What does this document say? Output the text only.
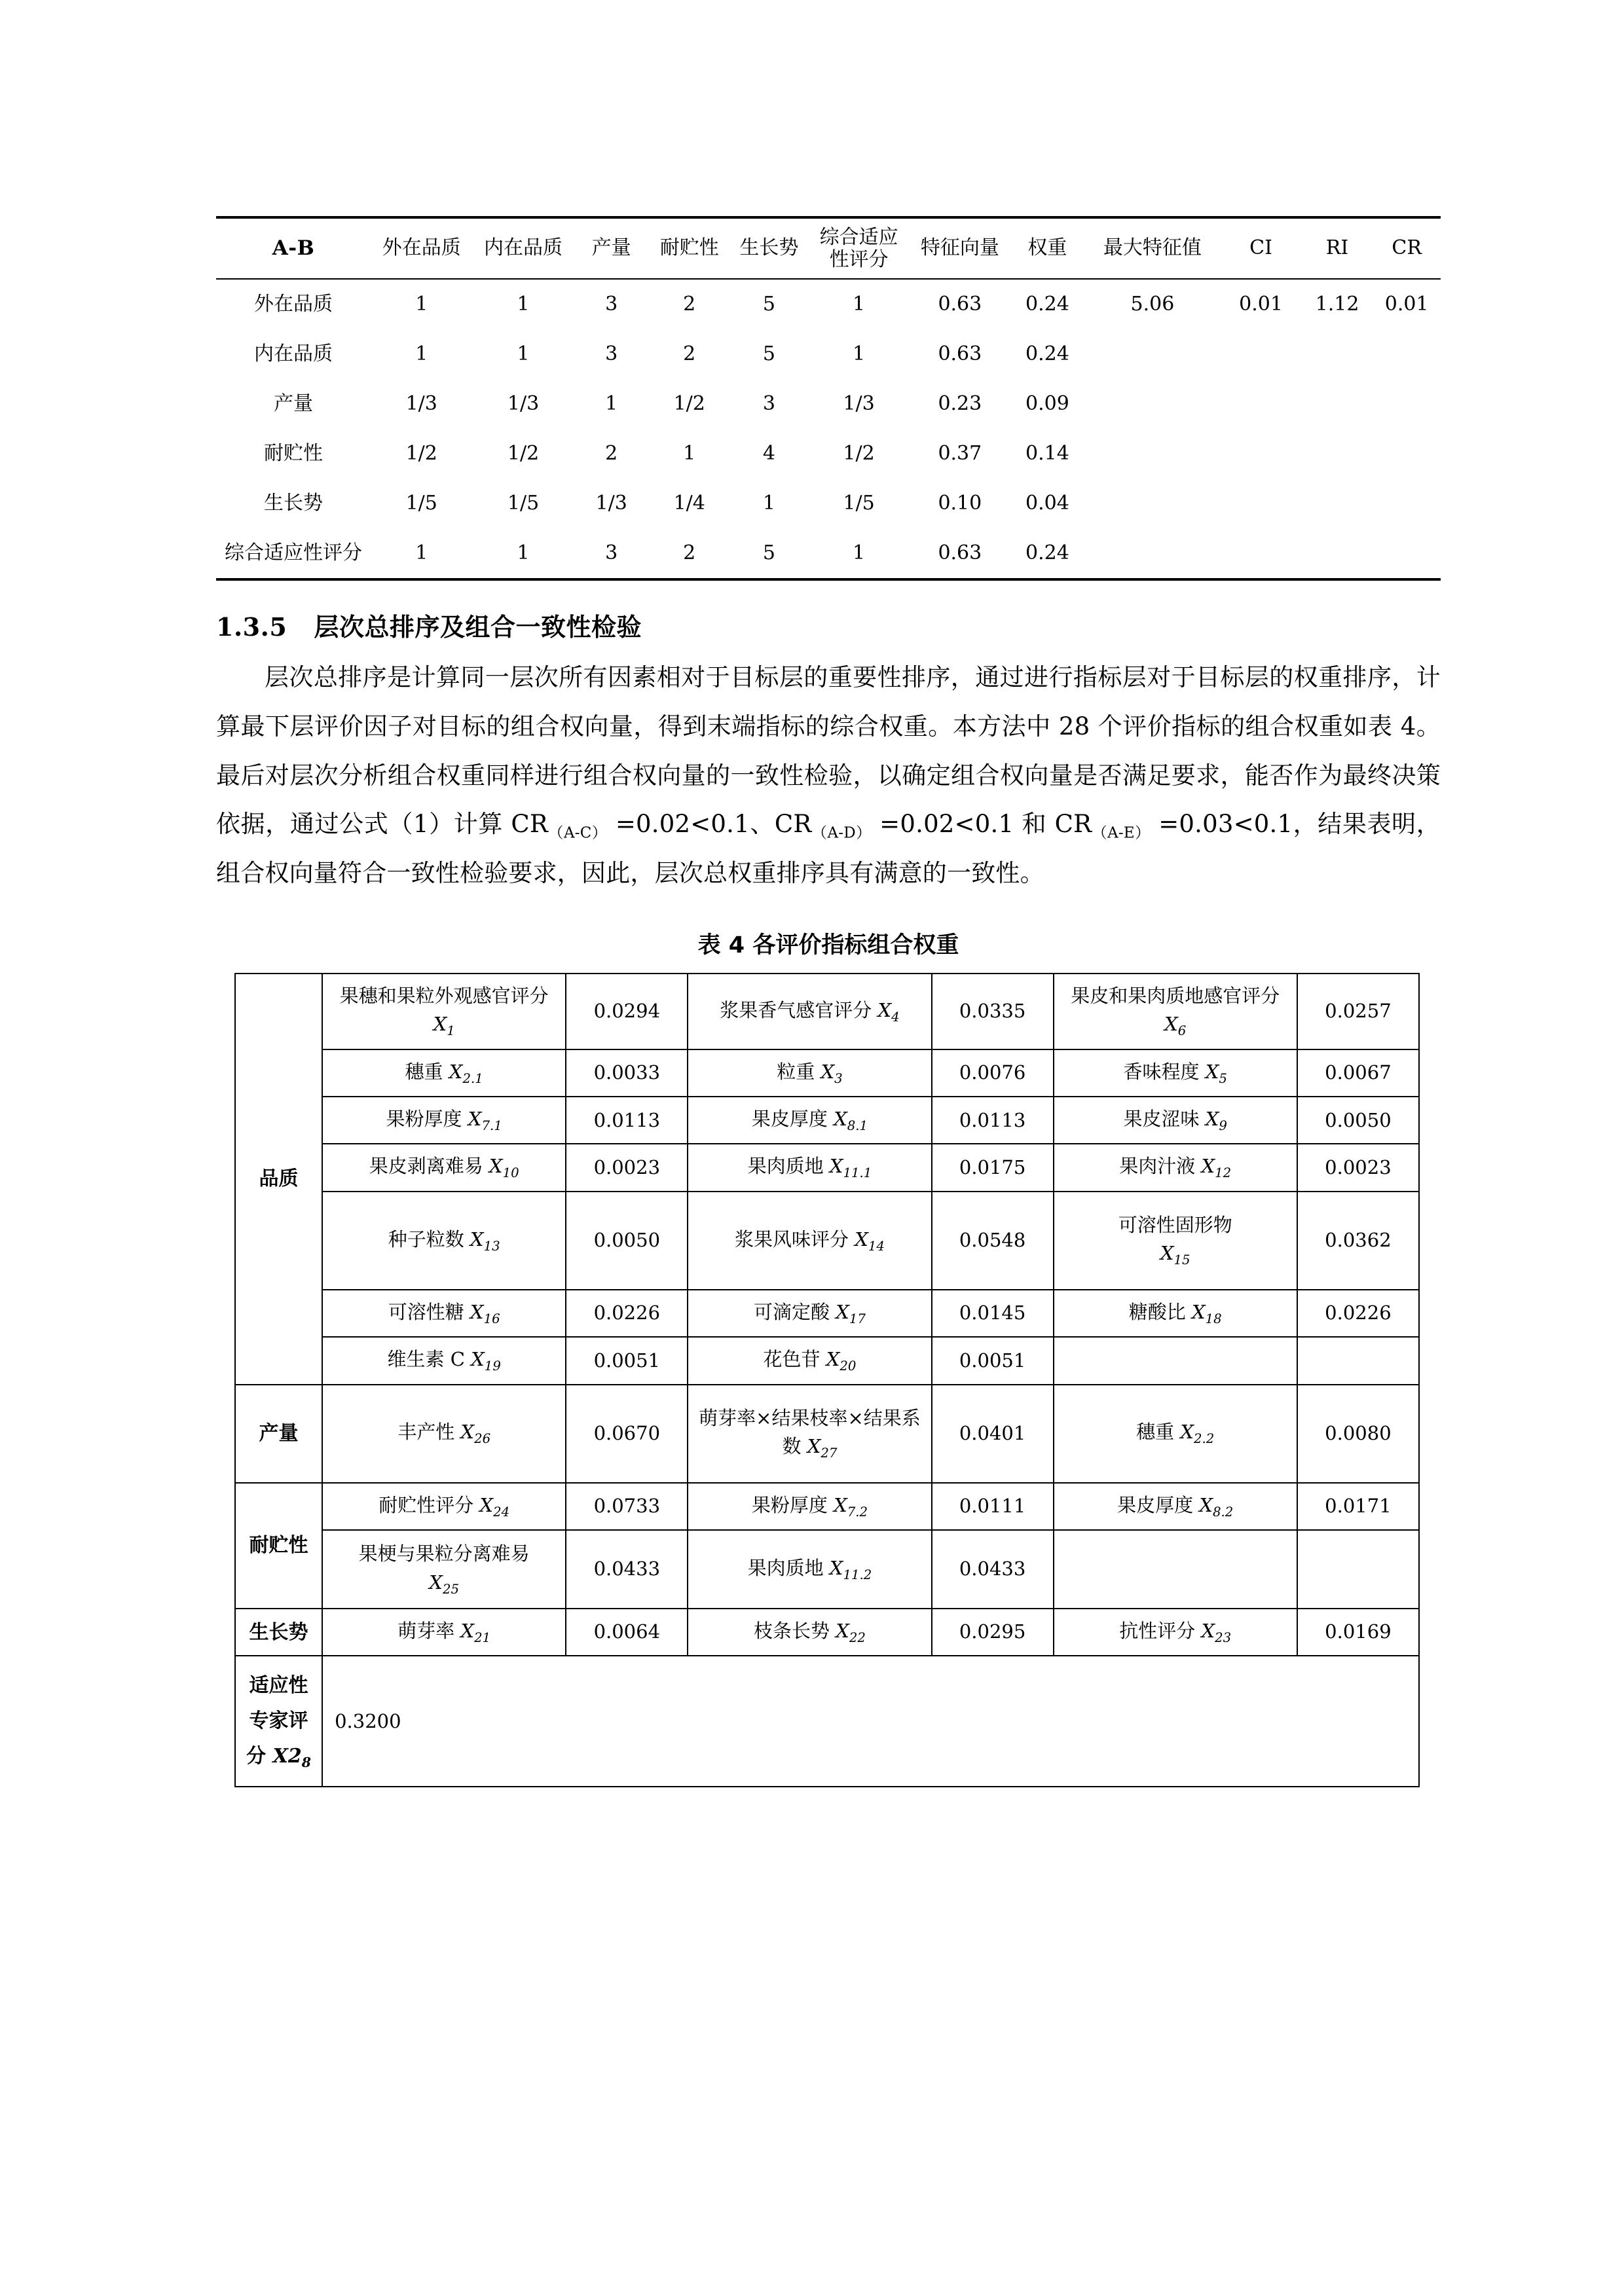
A-B	外在品质	内在品质	产量	耐贮性	生长势	综合适应
性评分	特征向量	权重	最大特征值	CI	RI	CR

外在品质	1	1	3	2	5	1	0.63	0.24	5.06	0.01	1.12	0.01
内在品质	1	1	3	2	5	1	0.63	0.24				
产量	1/3	1/3	1	1/2	3	1/3	0.23	0.09				
耐贮性	1/2	1/2	2	1	4	1/2	0.37	0.14				
生长势	1/5	1/5	1/3	1/4	1	1/5	0.10	0.04				
综合适应性评分	1	1	3	2	5	1	0.63	0.24				

1.3.5 层次总排序及组合一致性检验

层次总排序是计算同一层次所有因素相对于目标层的重要性排序，通过进行指标层对于目标层的权重排序，计算最下层评价因子对目标的组合权向量，得到末端指标的综合权重。本方法中 28 个评价指标的组合权重如表 4。最后对层次分析组合权重同样进行组合权向量的一致性检验，以确定组合权向量是否满足要求，能否作为最终决策依据，通过公式（1）计算 $CR_{(A-C)} =0.02<0.1$、$CR_{(A-D)} =0.02<0.1$ 和 $CR_{(A-E)} =0.03<0.1$，结果表明，组合权向量符合一致性检验要求，因此，层次总权重排序具有满意的一致性。

表 4 各评价指标组合权重
品质	果穗和果粒外观感官评分 $X_1$	0.0294	浆果香气感官评分 $X_4$	0.0335	果皮和果肉质地感官评分 $X_6$	0.0257
	穗重 $X_{2.1}$	0.0033	粒重 $X_3$	0.0076	香味程度 $X_5$	0.0067
	果粉厚度 $X_{7.1}$	0.0113	果皮厚度 $X_{8.1}$	0.0113	果皮涩味 $X_9$	0.0050
	果皮剥离难易 $X_{10}$	0.0023	果肉质地 $X_{11.1}$	0.0175	果肉汁液 $X_{12}$	0.0023
	种子粒数 $X_{13}$	0.0050	浆果风味评分 $X_{14}$	0.0548	可溶性固形物
$X_{15}$	0.0362
	可溶性糖 $X_{16}$	0.0226	可滴定酸 $X_{17}$	0.0145	糖酸比 $X_{18}$	0.0226
	维生素 C $X_{19}$	0.0051	花色苷 $X_{20}$	0.0051		
产量	丰产性 $X_{26}$	0.0670	萌芽率×结果枝率×结果系数 $X_{27}$	0.0401	穗重 $X_{2.2}$	0.0080
耐贮性	耐贮性评分 $X_{24}$	0.0733	果粉厚度 $X_{7.2}$	0.0111	果皮厚度 $X_{8.2}$	0.0171
	果梗与果粒分离难易
$X_{25}$	0.0433	果肉质地 $X_{11.2}$	0.0433		
生长势	萌芽率 $X_{21}$	0.0064	枝条长势 $X_{22}$	0.0295	抗性评分 $X_{23}$	0.0169

适应性
专家评
分 $X2_8$	0.3200					
